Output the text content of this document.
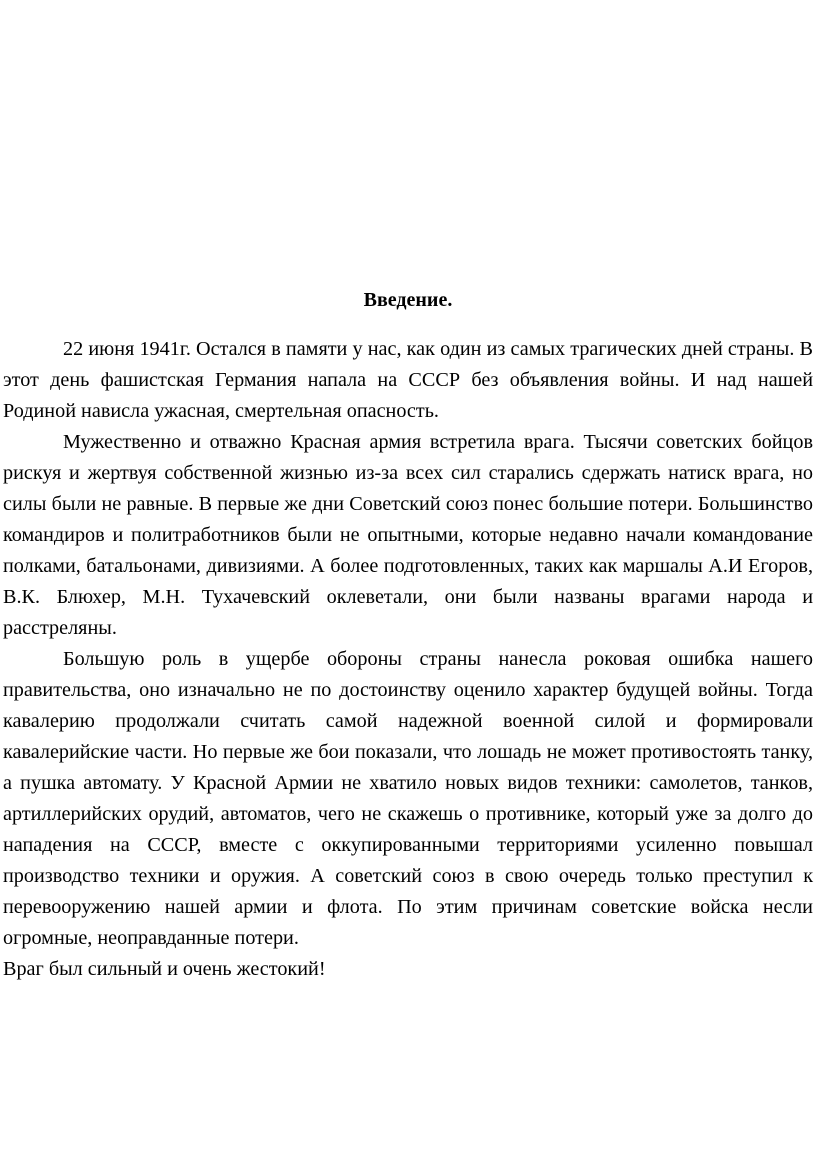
Введение.

22 июня 1941г. Остался в памяти у нас, как один из самых трагических дней страны. В этот день фашистская Германия напала на СССР без объявления войны. И над нашей Родиной нависла ужасная, смертельная опасность.

Мужественно и отважно Красная армия встретила врага. Тысячи советских бойцов рискуя и жертвуя собственной жизнью из-за всех сил старались сдержать натиск врага, но силы были не равные. В первые же дни Советский союз понес большие потери. Большинство командиров и политработников были не опытными, которые недавно начали командование полками, батальонами, дивизиями. А более подготовленных, таких как маршалы А.И Егоров, В.К. Блюхер, М.Н. Тухачевский оклеветали, они были названы врагами народа и расстреляны.

Большую роль в ущербе обороны страны нанесла роковая ошибка нашего правительства, оно изначально не по достоинству оценило характер будущей войны. Тогда кавалерию продолжали считать самой надежной военной силой и формировали кавалерийские части. Но первые же бои показали, что лошадь не может противостоять танку, а пушка автомату. У Красной Армии не хватило новых видов техники: самолетов, танков, артиллерийских орудий, автоматов, чего не скажешь о противнике, который уже за долго до нападения на СССР, вместе с оккупированными территориями усиленно повышал производство техники и оружия. А советский союз в свою очередь только преступил к перевооружению нашей армии и флота. По этим причинам советские войска несли огромные, неоправданные потери.

Враг был сильный и очень жестокий!
